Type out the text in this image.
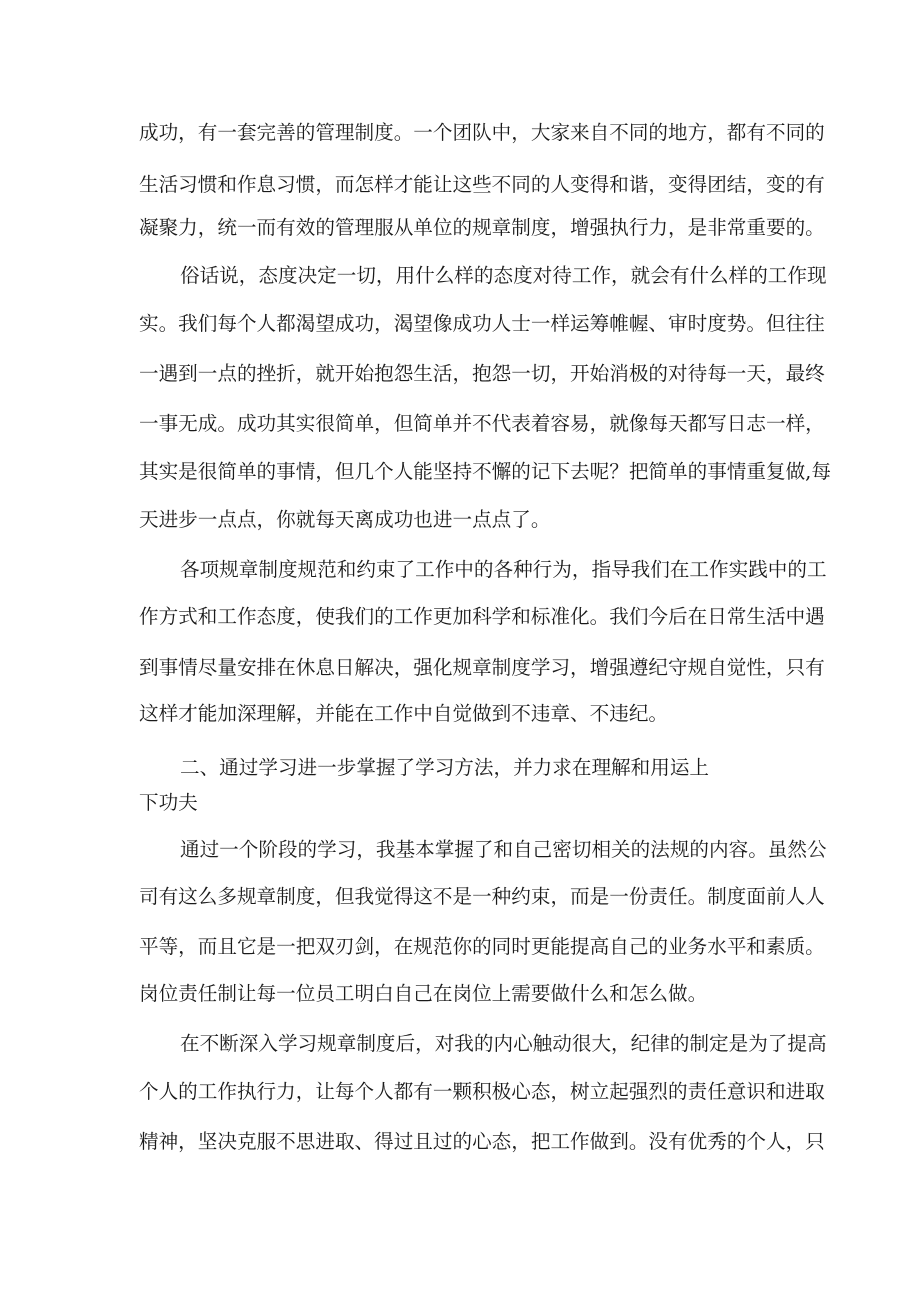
成功，有一套完善的管理制度。一个团队中，大家来自不同的地方，都有不同的

生活习惯和作息习惯，而怎样才能让这些不同的人变得和谐，变得团结，变的有

凝聚力，统一而有效的管理服从单位的规章制度，增强执行力，是非常重要的。

俗话说，态度决定一切，用什么样的态度对待工作，就会有什么样的工作现

实。我们每个人都渴望成功，渴望像成功人士一样运筹帷幄、审时度势。但往往

一遇到一点的挫折，就开始抱怨生活，抱怨一切，开始消极的对待每一天，最终

一事无成。成功其实很简单，但简单并不代表着容易，就像每天都写日志一样，

其实是很简单的事情，但几个人能坚持不懈的记下去呢？把简单的事情重复做,每

天进步一点点，你就每天离成功也进一点点了。

各项规章制度规范和约束了工作中的各种行为，指导我们在工作实践中的工

作方式和工作态度，使我们的工作更加科学和标准化。我们今后在日常生活中遇

到事情尽量安排在休息日解决，强化规章制度学习，增强遵纪守规自觉性，只有

这样才能加深理解，并能在工作中自觉做到不违章、不违纪。

二、通过学习进一步掌握了学习方法，并力求在理解和用运上

下功夫

通过一个阶段的学习，我基本掌握了和自己密切相关的法规的内容。虽然公

司有这么多规章制度，但我觉得这不是一种约束，而是一份责任。制度面前人人

平等，而且它是一把双刃剑，在规范你的同时更能提高自己的业务水平和素质。

岗位责任制让每一位员工明白自己在岗位上需要做什么和怎么做。

在不断深入学习规章制度后，对我的内心触动很大，纪律的制定是为了提高

个人的工作执行力，让每个人都有一颗积极心态，树立起强烈的责任意识和进取

精神，坚决克服不思进取、得过且过的心态，把工作做到。没有优秀的个人，只
